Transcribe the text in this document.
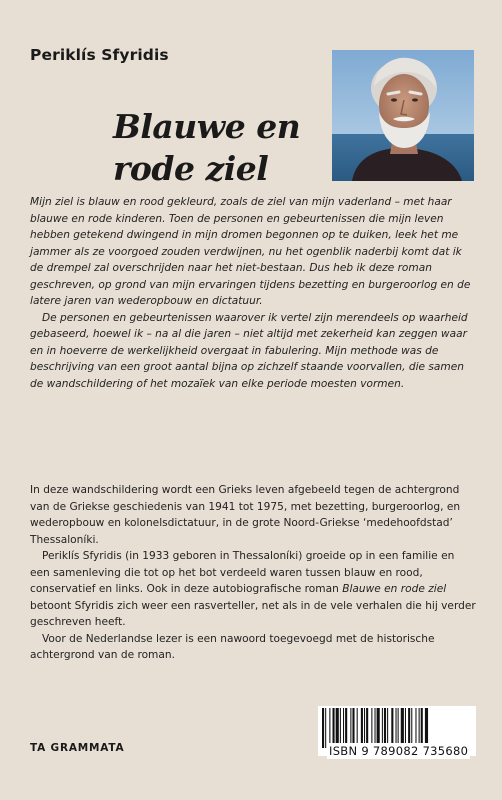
Periklís Sfyridis
Blauwe en
rode ziel

Mijn ziel is blauw en rood gekleurd, zoals de ziel van mijn vaderland – met haar blauwe en rode kinderen. Toen de personen en gebeurtenissen die mijn leven hebben getekend dwingend in mijn dromen begonnen op te duiken, leek het me jammer als ze voorgoed zouden verdwijnen, nu het ogenblik naderbij komt dat ik de drempel zal overschrijden naar het niet-bestaan. Dus heb ik deze roman geschreven, op grond van mijn ervaringen tijdens bezetting en burgeroorlog en de latere jaren van wederopbouw en dictatuur.

De personen en gebeurtenissen waarover ik vertel zijn merendeels op waarheid gebaseerd, hoewel ik – na al die jaren – niet altijd met zekerheid kan zeggen waar en in hoeverre de werkelijkheid overgaat in fabulering. Mijn methode was de beschrijving van een groot aantal bijna op zichzelf staande voorvallen, die samen de wandschildering of het mozaïek van elke periode moesten vormen.

In deze wandschildering wordt een Grieks leven afgebeeld tegen de achtergrond van de Griekse geschiedenis van 1941 tot 1975, met bezetting, burgeroorlog, en wederopbouw en kolonelsdictatuur, in de grote Noord-Griekse ‘medehoofdstad’ Thessaloníki.

Periklís Sfyridis (in 1933 geboren in Thessaloníki) groeide op in een familie en een samenleving die tot op het bot verdeeld waren tussen blauw en rood, conservatief en links. Ook in deze autobiografische roman Blauwe en rode ziel betoont Sfyridis zich weer een rasverteller, net als in de vele verhalen die hij verder geschreven heeft.

Voor de Nederlandse lezer is een nawoord toegevoegd met de historische achtergrond van de roman.

TA GRAMMATA	ISBN 9 789082 735680
